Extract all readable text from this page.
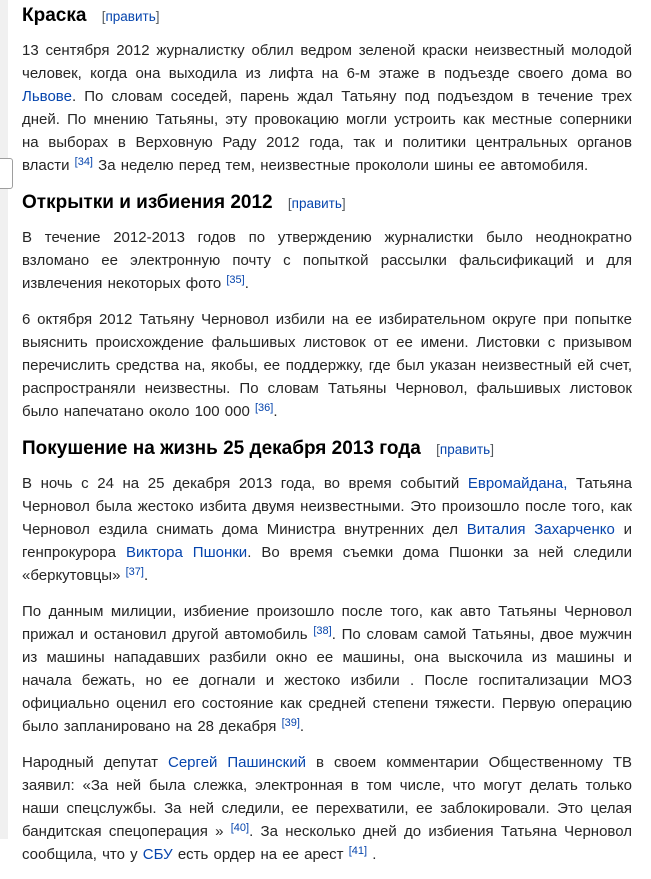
Краска [править]

13 сентября 2012 журналистку облил ведром зеленой краски неизвестный молодой человек, когда она выходила из лифта на 6-м этаже в подъезде своего дома во Львове. По словам соседей, парень ждал Татьяну под подъездом в течение трех дней. По мнению Татьяны, эту провокацию могли устроить как местные соперники на выборах в Верховную Раду 2012 года, так и политики центральных органов власти [34] За неделю перед тем, неизвестные прокололи шины ее автомобиля.

Открытки и избиения 2012 [править]

В течение 2012-2013 годов по утверждению журналистки было неоднократно взломано ее электронную почту с попыткой рассылки фальсификаций и для извлечения некоторых фото [35].

6 октября 2012 Татьяну Черновол избили на ее избирательном округе при попытке выяснить происхождение фальшивых листовок от ее имени. Листовки с призывом перечислить средства на, якобы, ее поддержку, где был указан неизвестный ей счет, распространяли неизвестны. По словам Татьяны Черновол, фальшивых листовок было напечатано около 100 000 [36].

Покушение на жизнь 25 декабря 2013 года [править]

В ночь с 24 на 25 декабря 2013 года, во время событий Евромайдана, Татьяна Черновол была жестоко избита двумя неизвестными. Это произошло после того, как Черновол ездила снимать дома Министра внутренних дел Виталия Захарченко и генпрокурора Виктора Пшонки. Во время съемки дома Пшонки за ней следили «беркутовцы» [37].

По данным милиции, избиение произошло после того, как авто Татьяны Черновол прижал и остановил другой автомобиль [38]. По словам самой Татьяны, двое мужчин из машины нападавших разбили окно ее машины, она выскочила из машины и начала бежать, но ее догнали и жестоко избили . После госпитализации МОЗ официально оценил его состояние как средней степени тяжести. Первую операцию было запланировано на 28 декабря [39].

Народный депутат Сергей Пашинский в своем комментарии Общественному ТВ заявил: «За ней была слежка, электронная в том числе, что могут делать только наши спецслужбы. За ней следили, ее перехватили, ее заблокировали. Это целая бандитская спецоперация » [40]. За несколько дней до избиения Татьяна Черновол сообщила, что у СБУ есть ордер на ее арест [41] .
